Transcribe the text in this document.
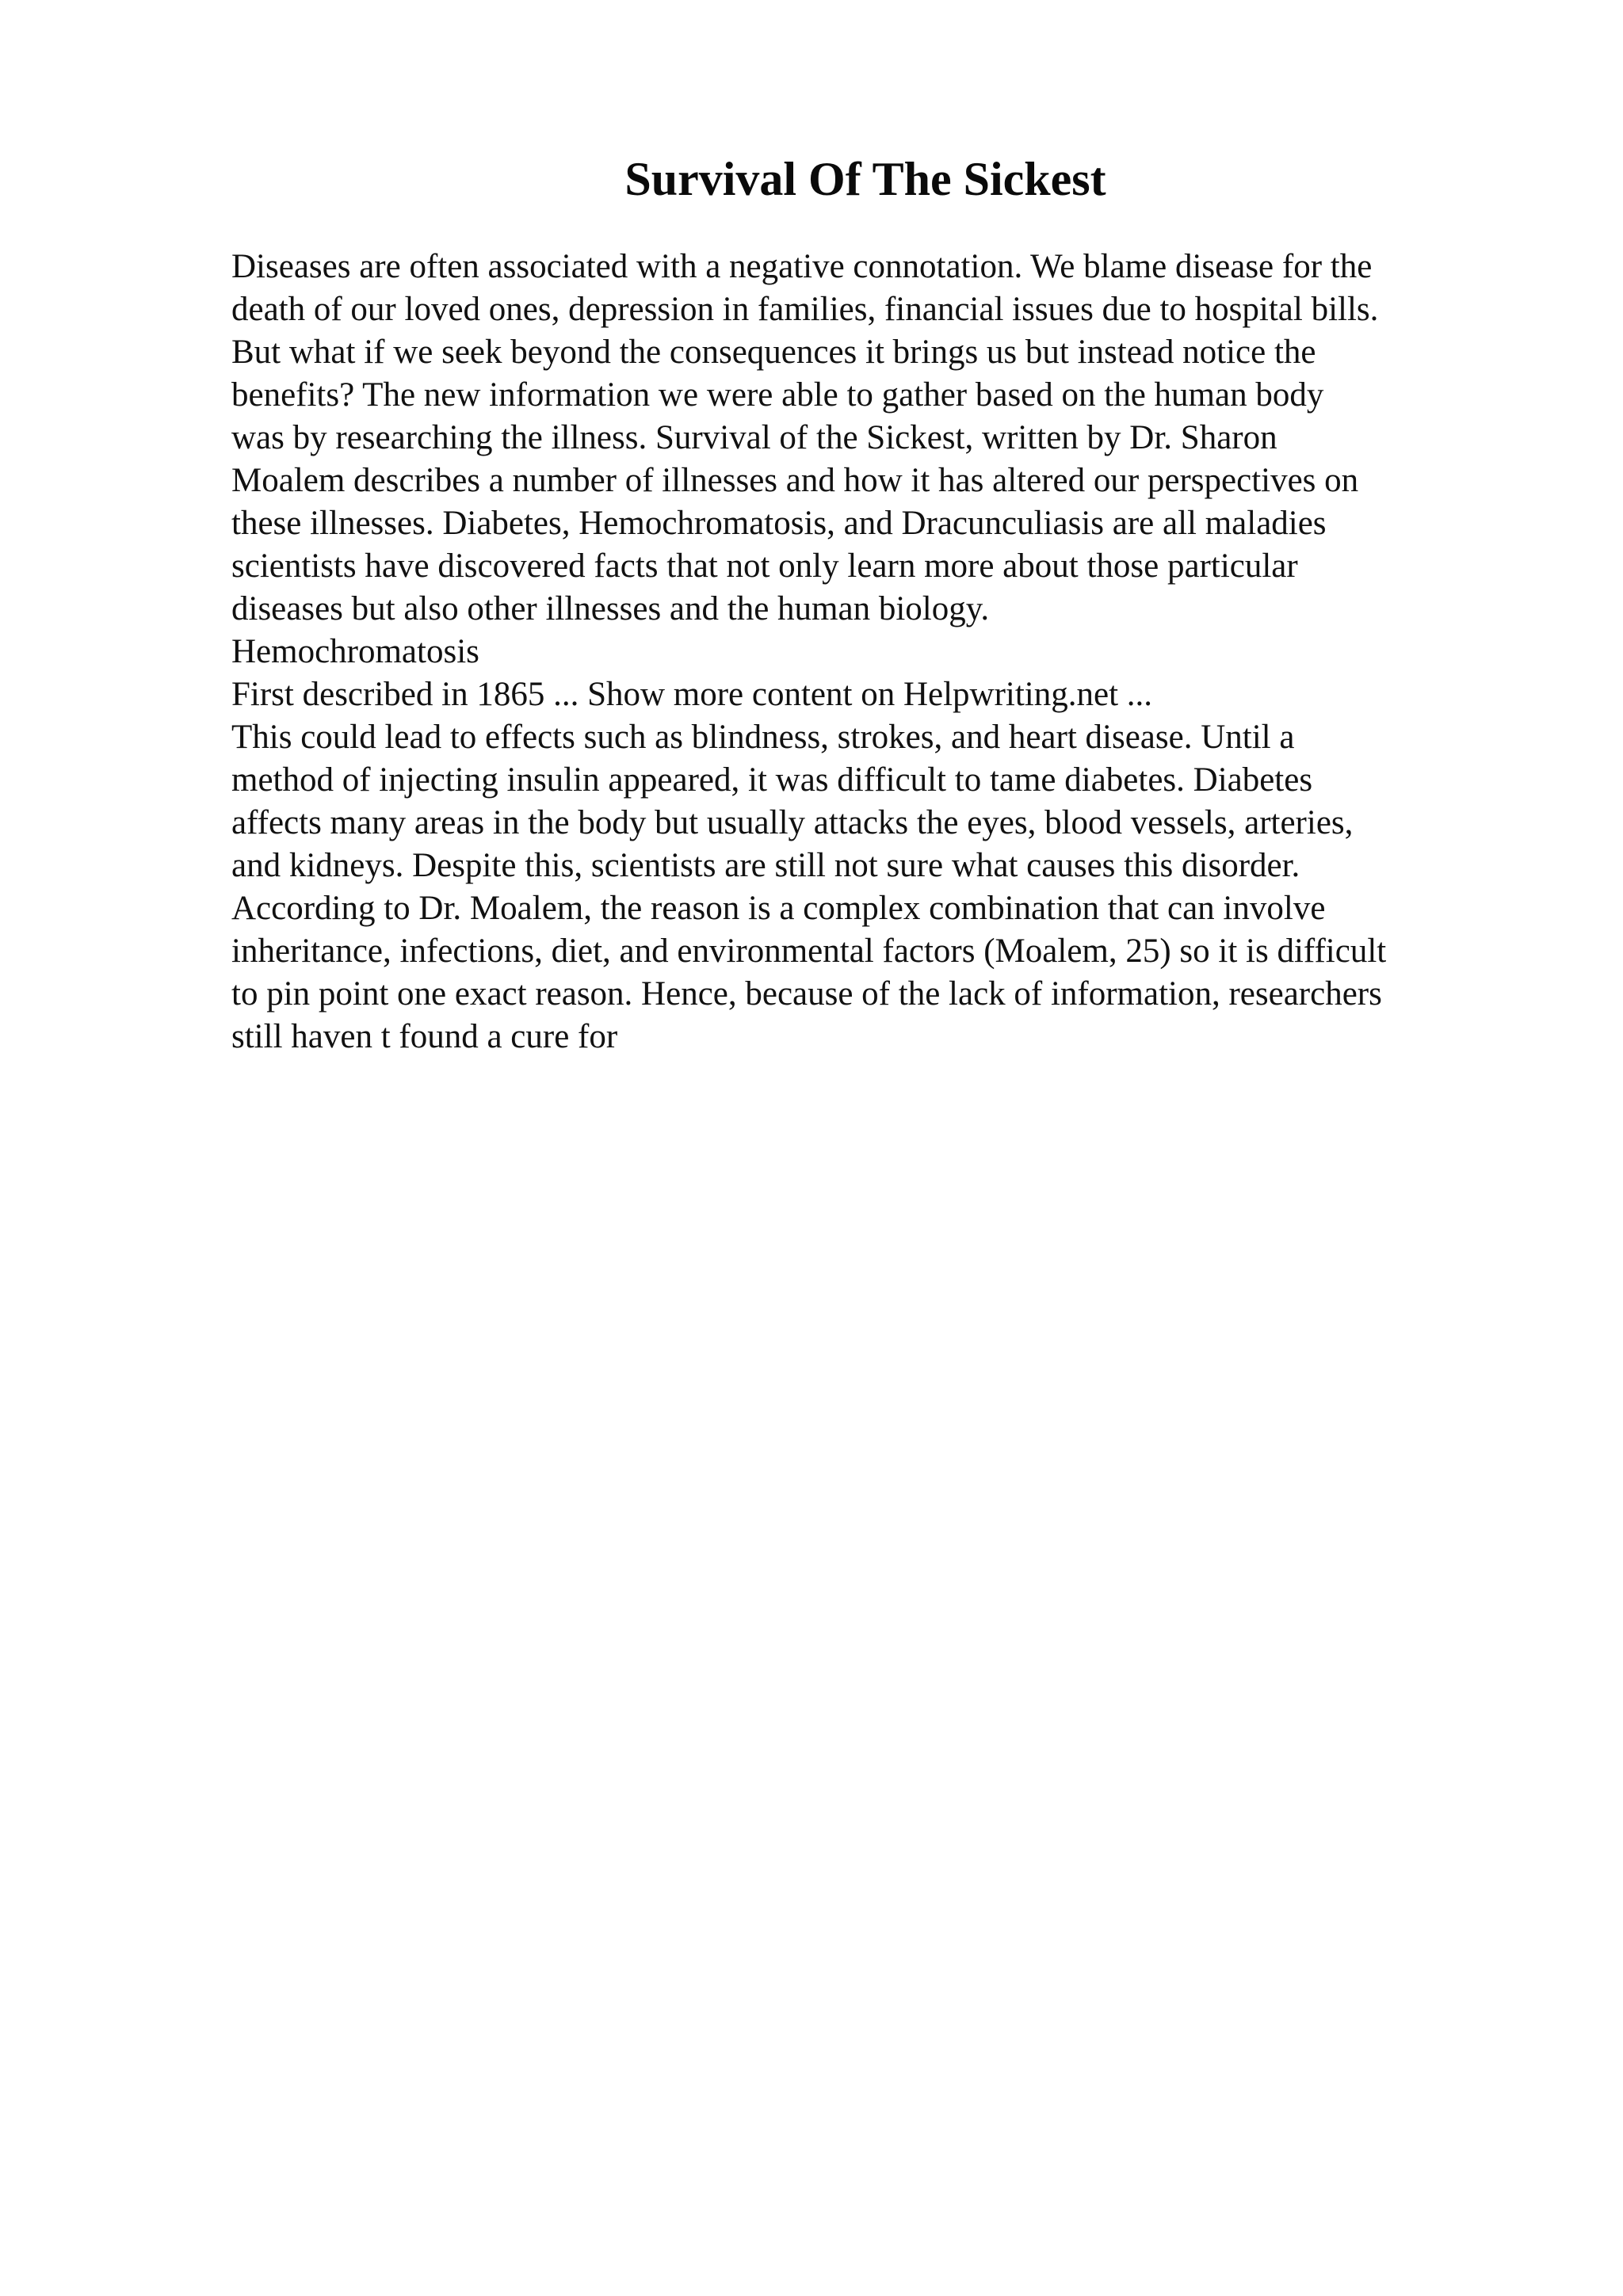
Survival Of The Sickest

Diseases are often associated with a negative connotation. We blame disease for the
death of our loved ones, depression in families, financial issues due to hospital bills.
But what if we seek beyond the consequences it brings us but instead notice the
benefits? The new information we were able to gather based on the human body
was by researching the illness. Survival of the Sickest, written by Dr. Sharon
Moalem describes a number of illnesses and how it has altered our perspectives on
these illnesses. Diabetes, Hemochromatosis, and Dracunculiasis are all maladies
scientists have discovered facts that not only learn more about those particular
diseases but also other illnesses and the human biology.

Hemochromatosis

First described in 1865 ... Show more content on Helpwriting.net ...

This could lead to effects such as blindness, strokes, and heart disease. Until a
method of injecting insulin appeared, it was difficult to tame diabetes. Diabetes
affects many areas in the body but usually attacks the eyes, blood vessels, arteries,
and kidneys. Despite this, scientists are still not sure what causes this disorder.
According to Dr. Moalem, the reason is a complex combination that can involve
inheritance, infections, diet, and environmental factors (Moalem, 25) so it is difficult
to pin point one exact reason. Hence, because of the lack of information, researchers
still haven t found a cure for
